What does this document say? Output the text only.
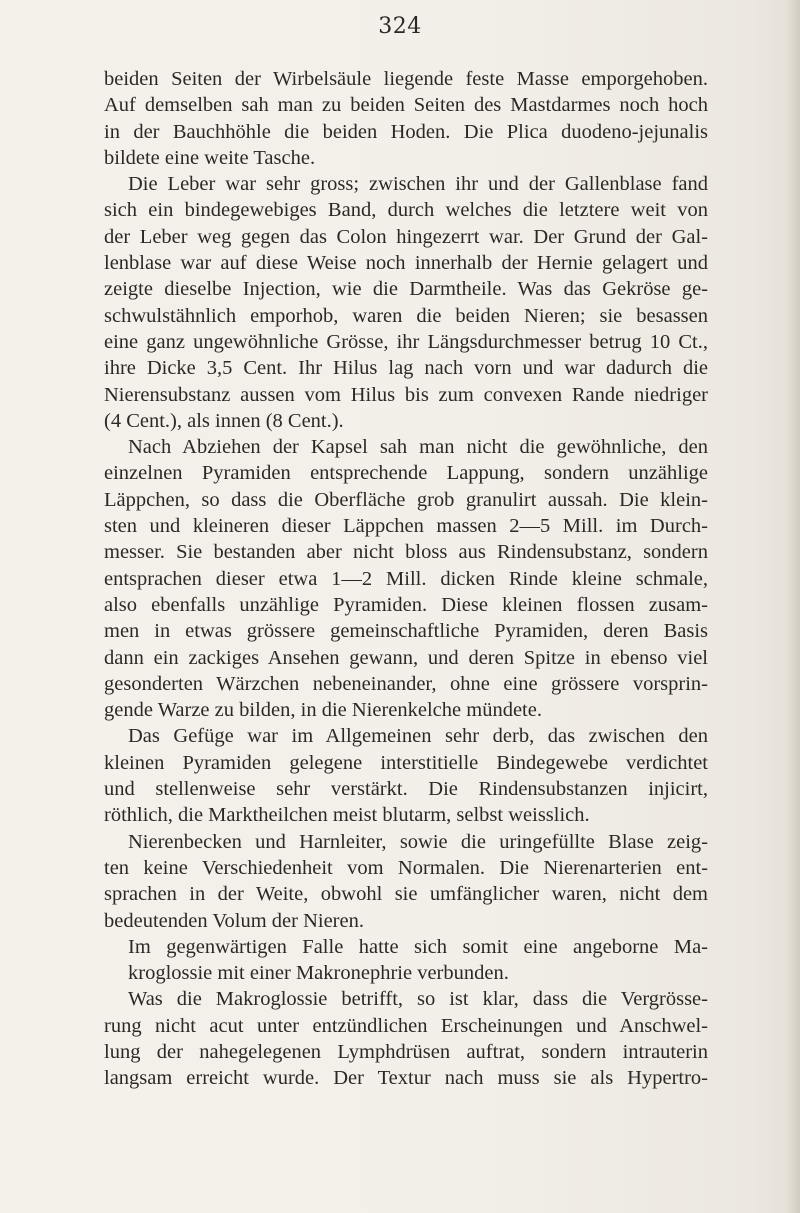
324
beiden Seiten der Wirbelsäule liegende feste Masse emporgehoben.
Auf demselben sah man zu beiden Seiten des Mastdarmes noch hoch
in der Bauchhöhle die beiden Hoden. Die Plica duodeno-jejunalis
bildete eine weite Tasche.
Die Leber war sehr gross; zwischen ihr und der Gallenblase fand
sich ein bindegewebiges Band, durch welches die letztere weit von
der Leber weg gegen das Colon hingezerrt war. Der Grund der Gal-
lenblase war auf diese Weise noch innerhalb der Hernie gelagert und
zeigte dieselbe Injection, wie die Darmtheile. Was das Gekröse ge-
schwulstähnlich emporhob, waren die beiden Nieren; sie besassen
eine ganz ungewöhnliche Grösse, ihr Längsdurchmesser betrug 10 Ct.,
ihre Dicke 3,5 Cent. Ihr Hilus lag nach vorn und war dadurch die
Nierensubstanz aussen vom Hilus bis zum convexen Rande niedriger
(4 Cent.), als innen (8 Cent.).
Nach Abziehen der Kapsel sah man nicht die gewöhnliche, den
einzelnen Pyramiden entsprechende Lappung, sondern unzählige
Läppchen, so dass die Oberfläche grob granulirt aussah. Die klein-
sten und kleineren dieser Läppchen massen 2—5 Mill. im Durch-
messer. Sie bestanden aber nicht bloss aus Rindensubstanz, sondern
entsprachen dieser etwa 1—2 Mill. dicken Rinde kleine schmale,
also ebenfalls unzählige Pyramiden. Diese kleinen flossen zusam-
men in etwas grössere gemeinschaftliche Pyramiden, deren Basis
dann ein zackiges Ansehen gewann, und deren Spitze in ebenso viel
gesonderten Wärzchen nebeneinander, ohne eine grössere vorsprin-
gende Warze zu bilden, in die Nierenkelche mündete.
Das Gefüge war im Allgemeinen sehr derb, das zwischen den
kleinen Pyramiden gelegene interstitielle Bindegewebe verdichtet
und stellenweise sehr verstärkt. Die Rindensubstanzen injicirt,
röthlich, die Marktheilchen meist blutarm, selbst weisslich.
Nierenbecken und Harnleiter, sowie die uringefüllte Blase zeig-
ten keine Verschiedenheit vom Normalen. Die Nierenarterien ent-
sprachen in der Weite, obwohl sie umfänglicher waren, nicht dem
bedeutenden Volum der Nieren.
Im gegenwärtigen Falle hatte sich somit eine angeborne Ma-
kroglossie mit einer Makronephrie verbunden.
Was die Makroglossie betrifft, so ist klar, dass die Vergrösse-
rung nicht acut unter entzündlichen Erscheinungen und Anschwel-
lung der nahegelegenen Lymphdrüsen auftrat, sondern intrauterin
langsam erreicht wurde. Der Textur nach muss sie als Hypertro-
